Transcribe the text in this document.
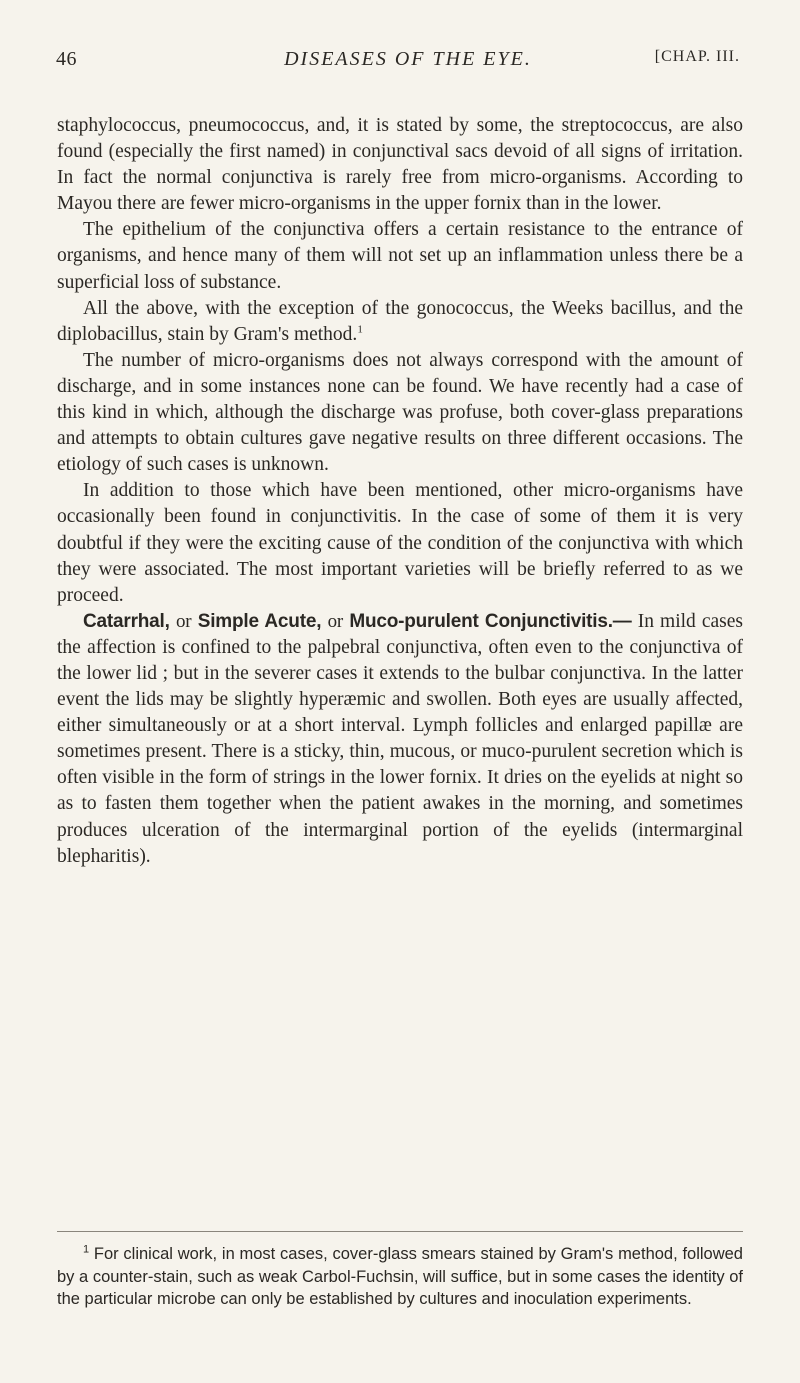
46	DISEASES OF THE EYE.	[CHAP. III.

staphylococcus, pneumococcus, and, it is stated by some, the streptococcus, are also found (especially the first named) in conjunctival sacs devoid of all signs of irritation. In fact the normal conjunctiva is rarely free from micro-organisms. According to Mayou there are fewer micro-organisms in the upper fornix than in the lower.

The epithelium of the conjunctiva offers a certain resistance to the entrance of organisms, and hence many of them will not set up an inflammation unless there be a superficial loss of substance.

All the above, with the exception of the gonococcus, the Weeks bacillus, and the diplobacillus, stain by Gram's method.$^1$

The number of micro-organisms does not always correspond with the amount of discharge, and in some instances none can be found. We have recently had a case of this kind in which, although the discharge was profuse, both cover-glass preparations and attempts to obtain cultures gave negative results on three different occasions. The etiology of such cases is unknown.

In addition to those which have been mentioned, other micro-organisms have occasionally been found in conjunctivitis. In the case of some of them it is very doubtful if they were the exciting cause of the condition of the conjunctiva with which they were associated. The most important varieties will be briefly referred to as we proceed.

Catarrhal, or Simple Acute, or Muco-purulent Conjunctivitis.— In mild cases the affection is confined to the palpebral conjunctiva, often even to the conjunctiva of the lower lid ; but in the severer cases it extends to the bulbar conjunctiva. In the latter event the lids may be slightly hyperæmic and swollen. Both eyes are usually affected, either simultaneously or at a short interval. Lymph follicles and enlarged papillæ are sometimes present. There is a sticky, thin, mucous, or muco-purulent secretion which is often visible in the form of strings in the lower fornix. It dries on the eyelids at night so as to fasten them together when the patient awakes in the morning, and sometimes produces ulceration of the intermarginal portion of the eyelids (intermarginal blepharitis).

$^1$ For clinical work, in most cases, cover-glass smears stained by Gram's method, followed by a counter-stain, such as weak Carbol-Fuchsin, will suffice, but in some cases the identity of the particular microbe can only be established by cultures and inoculation experiments.
